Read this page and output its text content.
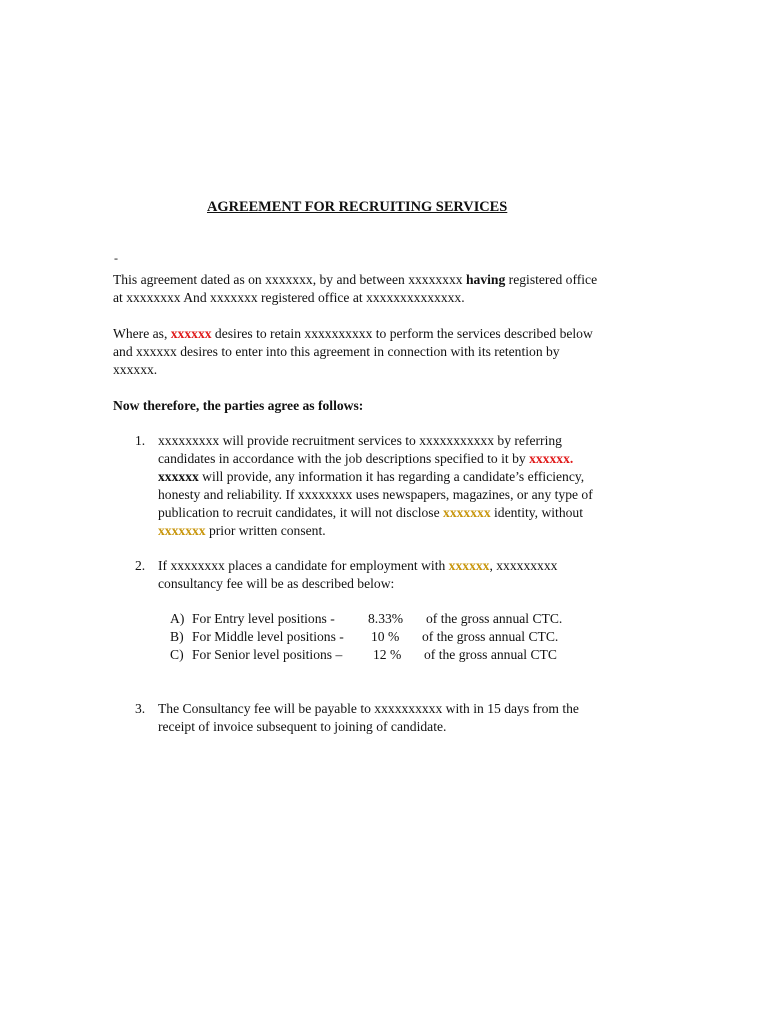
AGREEMENT FOR RECRUITING SERVICES
-
This agreement dated as on xxxxxxx, by and between xxxxxxxx having registered office
at xxxxxxxx And xxxxxxx registered office at xxxxxxxxxxxxxx.
Where as, xxxxxx desires to retain xxxxxxxxxx to perform the services described below
and xxxxxx desires to enter into this agreement in connection with its retention by
xxxxxx.
Now therefore, the parties agree as follows:
1. xxxxxxxxx will provide recruitment services to xxxxxxxxxxx by referring
candidates in accordance with the job descriptions specified to it by xxxxxx.
xxxxxx will provide, any information it has regarding a candidate’s efficiency,
honesty and reliability. If xxxxxxxx uses newspapers, magazines, or any type of
publication to recruit candidates, it will not disclose xxxxxxx identity, without
xxxxxxx prior written consent.
2. If xxxxxxxx places a candidate for employment with xxxxxx, xxxxxxxxx
consultancy fee will be as described below:
A) For Entry level positions - 8.33% of the gross annual CTC.
B) For Middle level positions - 10 % of the gross annual CTC.
C) For Senior level positions – 12 % of the gross annual CTC
3. The Consultancy fee will be payable to xxxxxxxxxx with in 15 days from the
receipt of invoice subsequent to joining of candidate.
